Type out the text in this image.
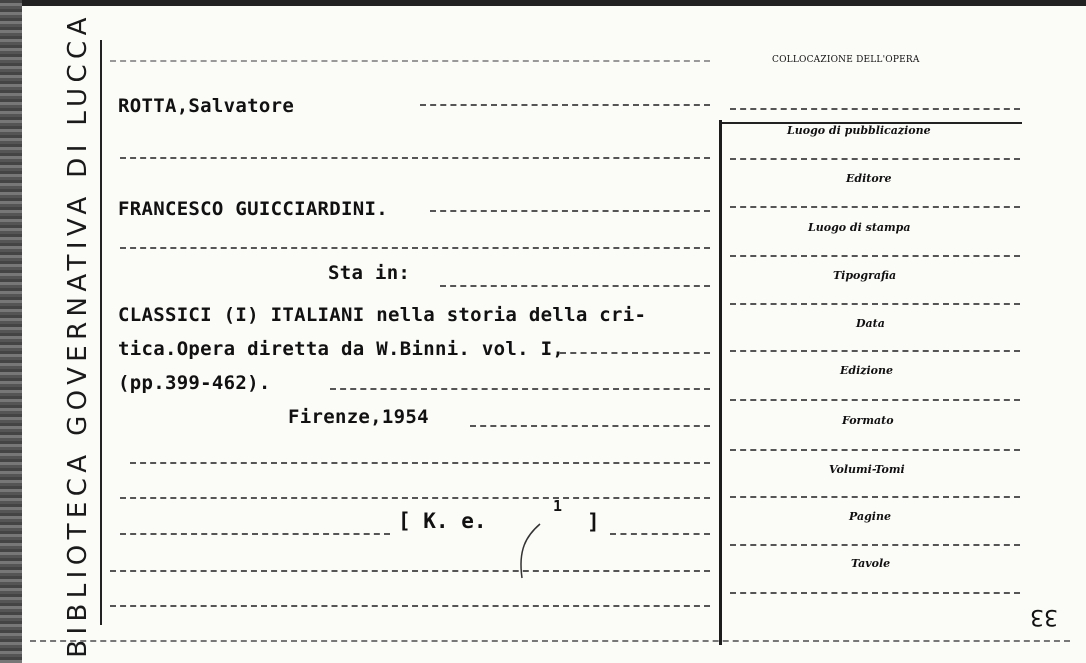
BIBLIOTECA GOVERNATIVA DI LUCCA	COLLOCAZIONE DELL'OPERA
ROTTA,Salvatore
FRANCESCO GUICCIARDINI.
Sta in:
CLASSICI (I) ITALIANI nella storia della cri-
tica.Opera diretta da W.Binni. vol. I,
(pp.399-462).
Firenze,1954
[ K. e.
1
]
Luogo di pubblicazione
Editore
Luogo di stampa
Tipografia
Data
Edizione
Formato
Volumi-Tomi
Pagine
Tavole
33
